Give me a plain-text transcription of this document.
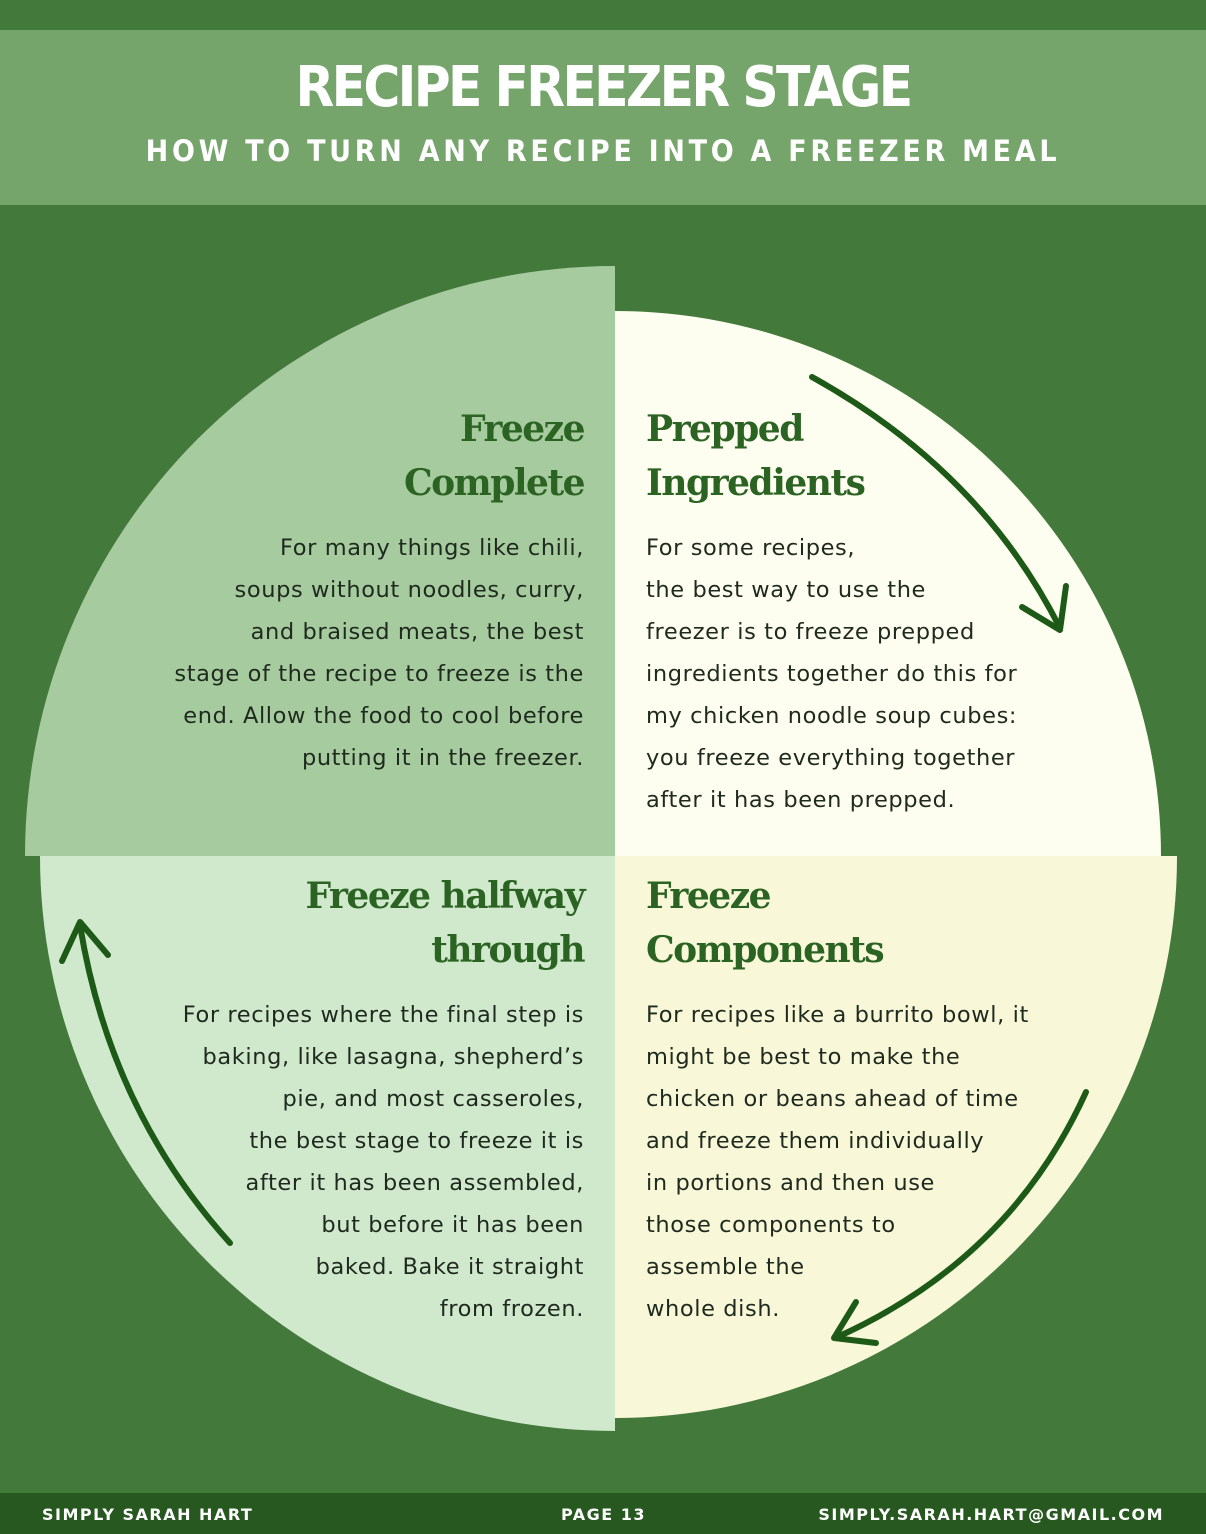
RECIPE FREEZER STAGE
HOW TO TURN ANY RECIPE INTO A FREEZER MEAL
Freeze
Complete
For many things like chili,
soups without noodles, curry,
and braised meats, the best
stage of the recipe to freeze is the
end. Allow the food to cool before
putting it in the freezer.
Prepped
Ingredients
For some recipes,
the best way to use the
freezer is to freeze prepped
ingredients together do this for
my chicken noodle soup cubes:
you freeze everything together
after it has been prepped.
Freeze halfway
through
For recipes where the final step is
baking, like lasagna, shepherd’s
pie, and most casseroles,
the best stage to freeze it is
after it has been assembled,
but before it has been
baked. Bake it straight
from frozen.
Freeze
Components
For recipes like a burrito bowl, it
might be best to make the
chicken or beans ahead of time
and freeze them individually
in portions and then use
those components to
assemble the
whole dish.
SIMPLY SARAH HART	PAGE 13	SIMPLY.SARAH.HART@GMAIL.COM
